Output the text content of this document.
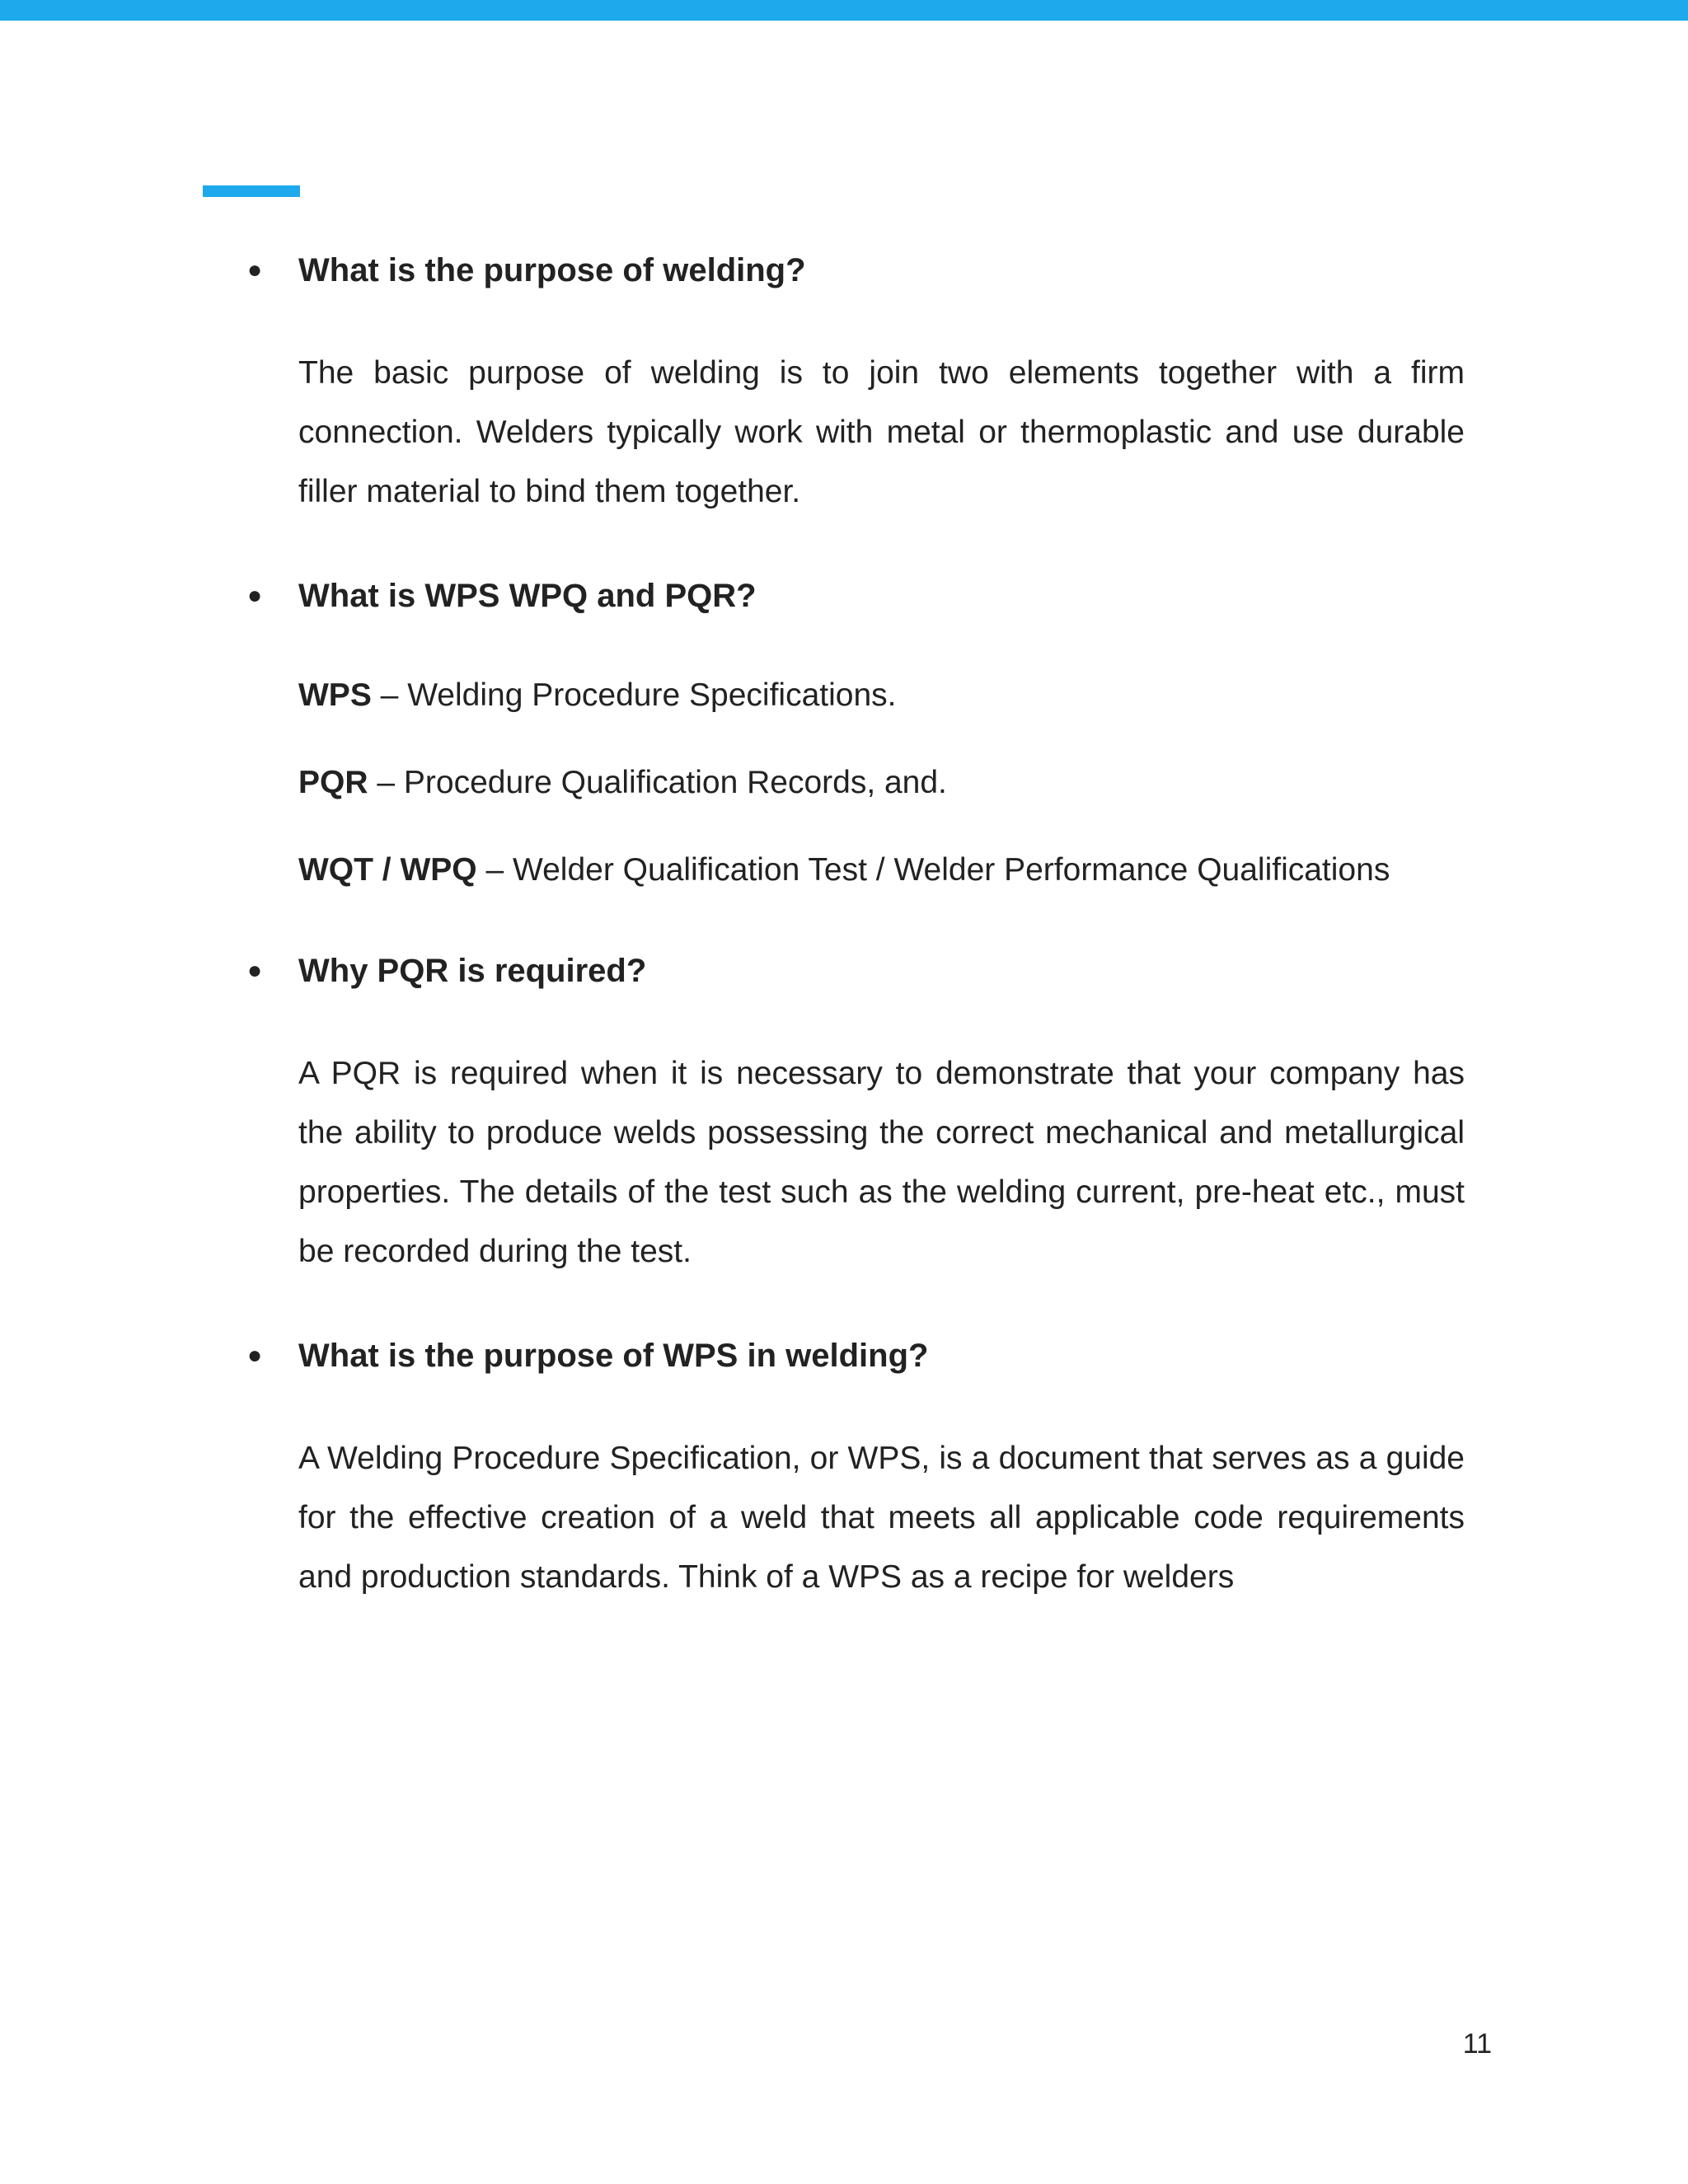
● What is the purpose of welding?

The basic purpose of welding is to join two elements together with a firm connection. Welders typically work with metal or thermoplastic and use durable filler material to bind them together.

● What is WPS WPQ and PQR?

WPS – Welding Procedure Specifications.

PQR – Procedure Qualification Records, and.

WQT / WPQ – Welder Qualification Test / Welder Performance Qualifications

● Why PQR is required?

A PQR is required when it is necessary to demonstrate that your company has the ability to produce welds possessing the correct mechanical and metallurgical properties. The details of the test such as the welding current, pre-heat etc., must be recorded during the test.

● What is the purpose of WPS in welding?

A Welding Procedure Specification, or WPS, is a document that serves as a guide for the effective creation of a weld that meets all applicable code requirements and production standards. Think of a WPS as a recipe for welders

11
